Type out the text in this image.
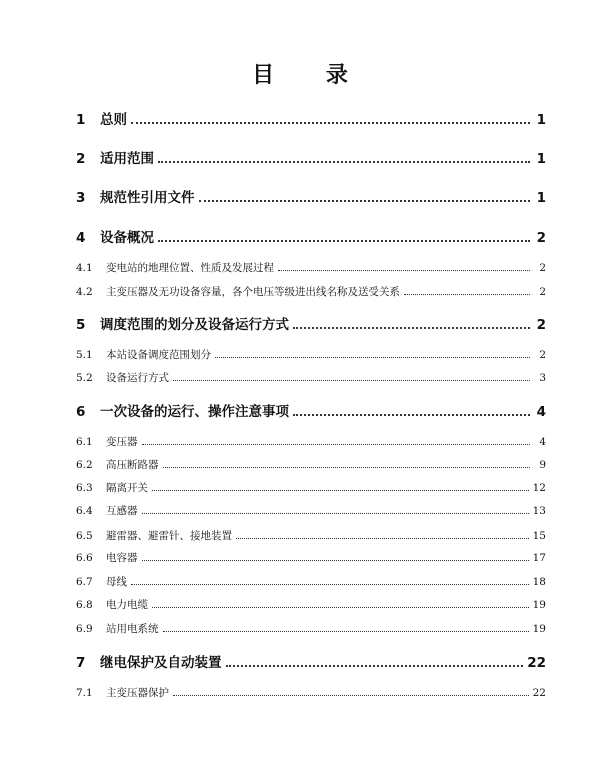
目 录
1	总则	1
2	适用范围	1
3	规范性引用文件	1
4	设备概况	2
4.1	变电站的地理位置、性质及发展过程	2
4.2	主变压器及无功设备容量，各个电压等级进出线名称及送受关系	2
5	调度范围的划分及设备运行方式	2
5.1	本站设备调度范围划分	2
5.2	设备运行方式	3
6	一次设备的运行、操作注意事项	4
6.1	变压器	4
6.2	高压断路器	9
6.3	隔离开关	12
6.4	互感器	13
6.5	避雷器、避雷针、接地装置	15
6.6	电容器	17
6.7	母线	18
6.8	电力电缆	19
6.9	站用电系统	19
7	继电保护及自动装置	22
7.1	主变压器保护	22
